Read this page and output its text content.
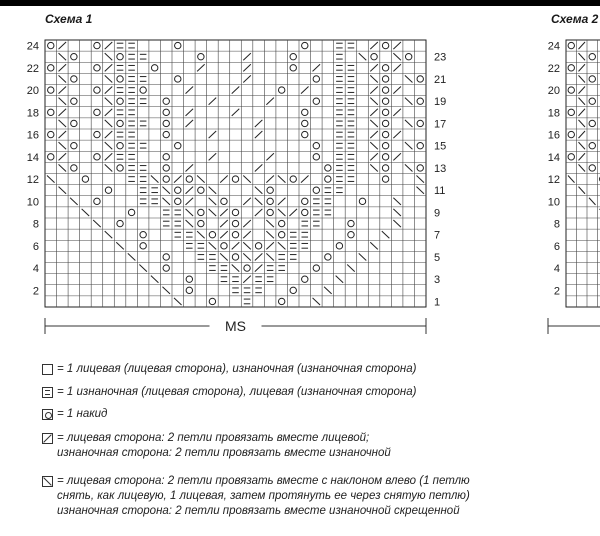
Схема 1	Схема 2
24
22
20
18
16
14
12
10
8
6
4
2
23
21
19
17
15
13
11
9
7
5
3
1
MS
24
22
20
18
16
14
12
10
8
6
4
2
= 1 лицевая (лицевая сторона), изнаночная (изнаночная сторона)
= 1 изнаночная (лицевая сторона), лицевая (изнаночная сторона)
= 1 накид
= лицевая сторона: 2 петли провязать вместе лицевой;
изнаночная сторона: 2 петли провязать вместе изнаночной
= лицевая сторона: 2 петли провязать вместе с наклоном влево (1 петлю
снять, как лицевую, 1 лицевая, затем протянуть ее через снятую петлю)
изнаночная сторона: 2 петли провязать вместе изнаночной скрещенной
